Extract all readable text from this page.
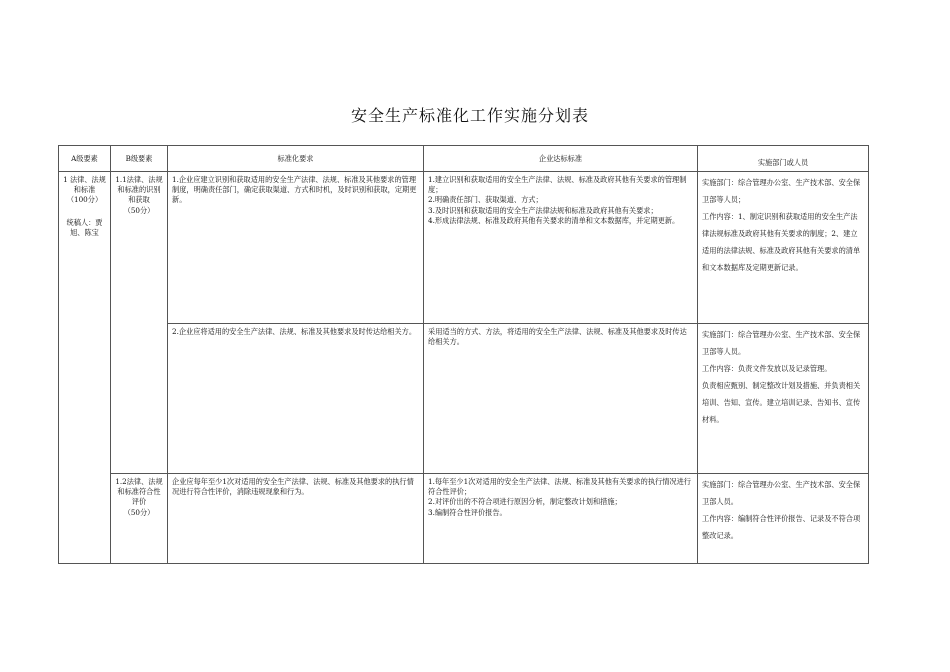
安全生产标准化工作实施分划表
A级要素	B级要素	标准化要求	企业达标标准	实施部门或人员

1 法律、法规和标准
（100分）
统稿人：贾旭、陈宝	1.1法律、法规和标准的识别和获取
（50分）	1.企业应建立识别和获取适用的安全生产法律、法规、标准及其他要求的管理制度，明确责任部门，确定获取渠道、方式和时机，及时识别和获取，定期更新。	1.建立识别和获取适用的安全生产法律、法规、标准及政府其他有关要求的管理制度；
2.明确责任部门、获取渠道、方式；
3.及时识别和获取适用的安全生产法律法规和标准及政府其他有关要求；
4.形成法律法规、标准及政府其他有关要求的清单和文本数据库，并定期更新。	实施部门：综合管理办公室、生产技术部、安全保卫部等人员；
工作内容：1、制定识别和获取适用的安全生产法律法规标准及政府其他有关要求的制度；2、建立适用的法律法规、标准及政府其他有关要求的清单和文本数据库及定期更新记录。

		2.企业应将适用的安全生产法律、法规、标准及其他要求及时传达给相关方。	采用适当的方式、方法，将适用的安全生产法律、法规、标准及其他要求及时传达给相关方。	实施部门：综合管理办公室、生产技术部、安全保卫部等人员。
工作内容：负责文件发放以及记录管理。
负责相应甄别、制定整改计划及措施、并负责相关培训、告知、宣传。建立培训记录、告知书、宣传材料。

	1.2法律、法规和标准符合性评价
（50分）	企业应每年至少1次对适用的安全生产法律、法规、标准及其他要求的执行情况进行符合性评价，消除违规现象和行为。	1.每年至少1次对适用的安全生产法律、法规、标准及其他有关要求的执行情况进行符合性评价；
2.对评价出的不符合项进行原因分析，制定整改计划和措施；
3.编制符合性评价报告。	实施部门：综合管理办公室、生产技术部、安全保卫部人员。
工作内容：编制符合性评价报告、记录及不符合项整改记录。
